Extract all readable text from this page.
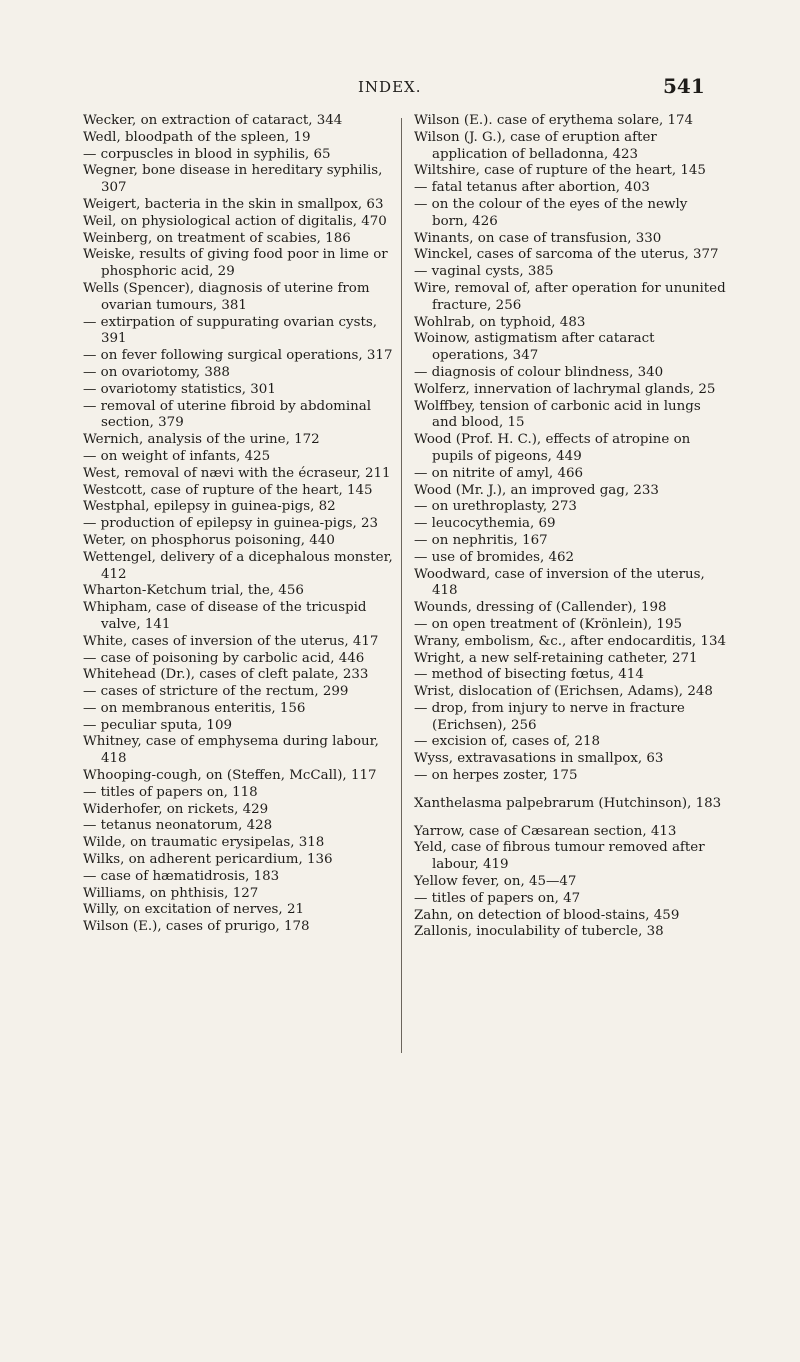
INDEX.	541

Wecker, on extraction of cataract, 344

Wedl, bloodpath of the spleen, 19

— corpuscles in blood in syphilis, 65

Wegner, bone disease in hereditary syphilis, 307

Weigert, bacteria in the skin in smallpox, 63

Weil, on physiological action of digitalis, 470

Weinberg, on treatment of scabies, 186

Weiske, results of giving food poor in lime or phosphoric acid, 29

Wells (Spencer), diagnosis of uterine from ovarian tumours, 381

— extirpation of suppurating ovarian cysts, 391

— on fever following surgical operations, 317

— on ovariotomy, 388

— ovariotomy statistics, 301

— removal of uterine fibroid by abdominal section, 379

Wernich, analysis of the urine, 172

— on weight of infants, 425

West, removal of nævi with the écraseur, 211

Westcott, case of rupture of the heart, 145

Westphal, epilepsy in guinea-pigs, 82

— production of epilepsy in guinea-pigs, 23

Weter, on phosphorus poisoning, 440

Wettengel, delivery of a dicephalous monster, 412

Wharton-Ketchum trial, the, 456

Whipham, case of disease of the tricuspid valve, 141

White, cases of inversion of the uterus, 417

— case of poisoning by carbolic acid, 446

Whitehead (Dr.), cases of cleft palate, 233

— cases of stricture of the rectum, 299

— on membranous enteritis, 156

— peculiar sputa, 109

Whitney, case of emphysema during labour, 418

Whooping-cough, on (Steffen, McCall), 117

— titles of papers on, 118

Widerhofer, on rickets, 429

— tetanus neonatorum, 428

Wilde, on traumatic erysipelas, 318

Wilks, on adherent pericardium, 136

— case of hæmatidrosis, 183

Williams, on phthisis, 127

Willy, on excitation of nerves, 21

Wilson (E.), cases of prurigo, 178

Wilson (E.). case of erythema solare, 174

Wilson (J. G.), case of eruption after application of belladonna, 423

Wiltshire, case of rupture of the heart, 145

— fatal tetanus after abortion, 403

— on the colour of the eyes of the newly born, 426

Winants, on case of transfusion, 330

Winckel, cases of sarcoma of the uterus, 377

— vaginal cysts, 385

Wire, removal of, after operation for ununited fracture, 256

Wohlrab, on typhoid, 483

Woinow, astigmatism after cataract operations, 347

— diagnosis of colour blindness, 340

Wolferz, innervation of lachrymal glands, 25

Wolffbey, tension of carbonic acid in lungs and blood, 15

Wood (Prof. H. C.), effects of atropine on pupils of pigeons, 449

— on nitrite of amyl, 466

Wood (Mr. J.), an improved gag, 233

— on urethroplasty, 273

— leucocythemia, 69

— on nephritis, 167

— use of bromides, 462

Woodward, case of inversion of the uterus, 418

Wounds, dressing of (Callender), 198

— on open treatment of (Krönlein), 195

Wrany, embolism, &c., after endocarditis, 134

Wright, a new self-retaining catheter, 271

— method of bisecting fœtus, 414

Wrist, dislocation of (Erichsen, Adams), 248

— drop, from injury to nerve in fracture (Erichsen), 256

— excision of, cases of, 218

Wyss, extravasations in smallpox, 63

— on herpes zoster, 175

Xanthelasma palpebrarum (Hutchinson), 183

Yarrow, case of Cæsarean section, 413

Yeld, case of fibrous tumour removed after labour, 419

Yellow fever, on, 45—47

— titles of papers on, 47

Zahn, on detection of blood-stains, 459

Zallonis, inoculability of tubercle, 38
